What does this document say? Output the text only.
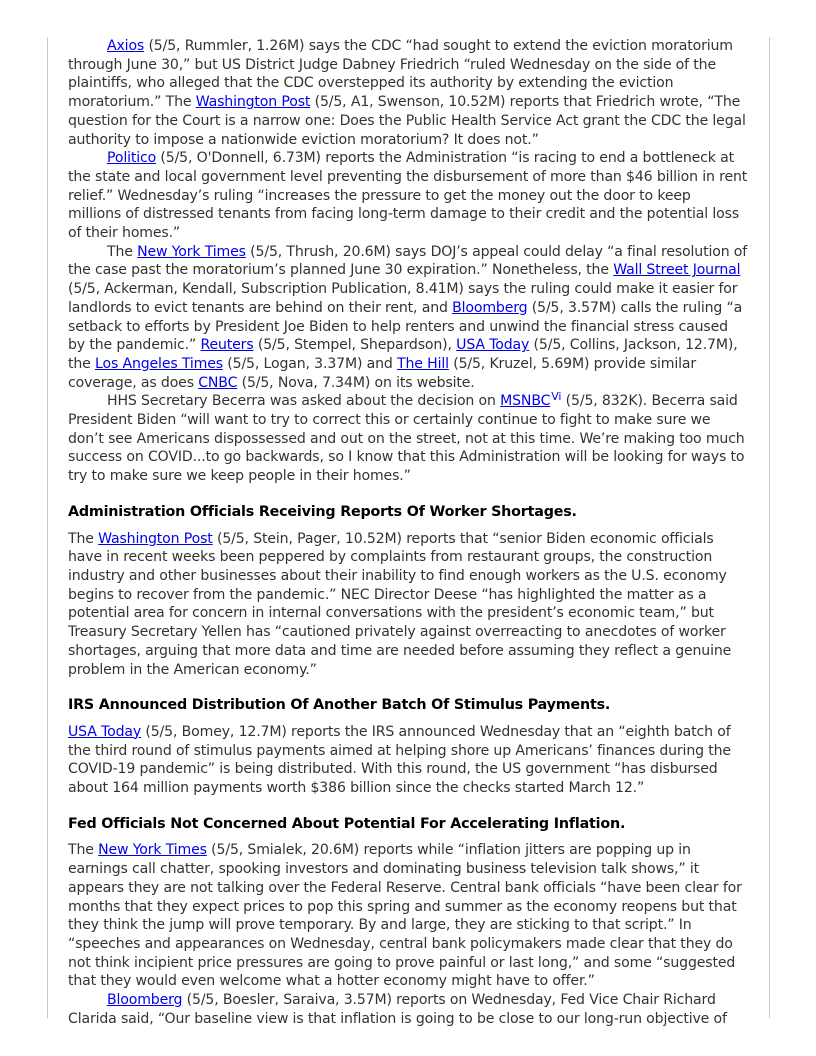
Axios (5/5, Rummler, 1.26M) says the CDC “had sought to extend the eviction moratorium through June 30,” but US District Judge Dabney Friedrich “ruled Wednesday on the side of the plaintiffs, who alleged that the CDC overstepped its authority by extending the eviction moratorium.” The Washington Post (5/5, A1, Swenson, 10.52M) reports that Friedrich wrote, “The question for the Court is a narrow one: Does the Public Health Service Act grant the CDC the legal authority to impose a nationwide eviction moratorium? It does not.”

Politico (5/5, O'Donnell, 6.73M) reports the Administration “is racing to end a bottleneck at the state and local government level preventing the disbursement of more than $46 billion in rent relief.” Wednesday’s ruling “increases the pressure to get the money out the door to keep millions of distressed tenants from facing long-term damage to their credit and the potential loss of their homes.”

The New York Times (5/5, Thrush, 20.6M) says DOJ’s appeal could delay “a final resolution of the case past the moratorium’s planned June 30 expiration.” Nonetheless, the Wall Street Journal (5/5, Ackerman, Kendall, Subscription Publication, 8.41M) says the ruling could make it easier for landlords to evict tenants are behind on their rent, and Bloomberg (5/5, 3.57M) calls the ruling “a setback to efforts by President Joe Biden to help renters and unwind the financial stress caused by the pandemic.” Reuters (5/5, Stempel, Shepardson), USA Today (5/5, Collins, Jackson, 12.7M), the Los Angeles Times (5/5, Logan, 3.37M) and The Hill (5/5, Kruzel, 5.69M) provide similar coverage, as does CNBC (5/5, Nova, 7.34M) on its website.

HHS Secretary Becerra was asked about the decision on $MSNBC^{Vi}$ (5/5, 832K). Becerra said President Biden “will want to try to correct this or certainly continue to fight to make sure we don’t see Americans dispossessed and out on the street, not at this time. We’re making too much success on COVID...to go backwards, so I know that this Administration will be looking for ways to try to make sure we keep people in their homes.”

Administration Officials Receiving Reports Of Worker Shortages.

The Washington Post (5/5, Stein, Pager, 10.52M) reports that “senior Biden economic officials have in recent weeks been peppered by complaints from restaurant groups, the construction industry and other businesses about their inability to find enough workers as the U.S. economy begins to recover from the pandemic.” NEC Director Deese “has highlighted the matter as a potential area for concern in internal conversations with the president’s economic team,” but Treasury Secretary Yellen has “cautioned privately against overreacting to anecdotes of worker shortages, arguing that more data and time are needed before assuming they reflect a genuine problem in the American economy.”

IRS Announced Distribution Of Another Batch Of Stimulus Payments.

USA Today (5/5, Bomey, 12.7M) reports the IRS announced Wednesday that an “eighth batch of the third round of stimulus payments aimed at helping shore up Americans’ finances during the COVID-19 pandemic” is being distributed. With this round, the US government “has disbursed about 164 million payments worth $386 billion since the checks started March 12.”

Fed Officials Not Concerned About Potential For Accelerating Inflation.

The New York Times (5/5, Smialek, 20.6M) reports while “inflation jitters are popping up in earnings call chatter, spooking investors and dominating business television talk shows,” it appears they are not talking over the Federal Reserve. Central bank officials “have been clear for months that they expect prices to pop this spring and summer as the economy reopens but that they think the jump will prove temporary. By and large, they are sticking to that script.” In “speeches and appearances on Wednesday, central bank policymakers made clear that they do not think incipient price pressures are going to prove painful or last long,” and some “suggested that they would even welcome what a hotter economy might have to offer.”

Bloomberg (5/5, Boesler, Saraiva, 3.57M) reports on Wednesday, Fed Vice Chair Richard Clarida said, “Our baseline view is that inflation is going to be close to our long-run objective of
